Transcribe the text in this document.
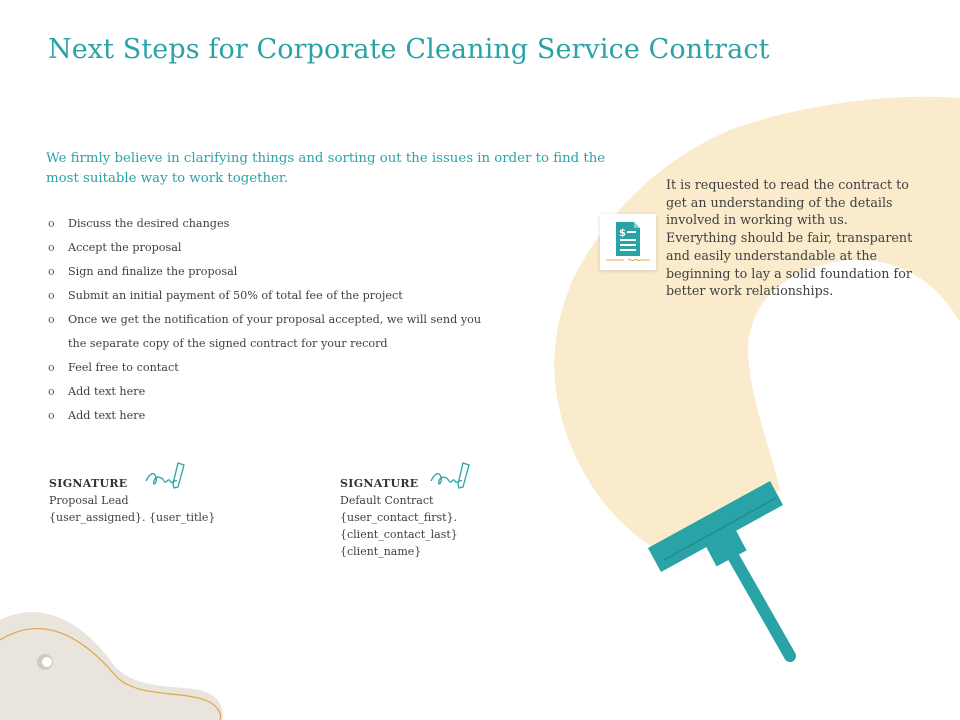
Next Steps for Corporate Cleaning Service Contract

We firmly believe in clarifying things and sorting out the issues in order to find the most suitable way to work together.

o Discuss the desired changes
o Accept the proposal
o Sign and finalize the proposal
o Submit an initial payment of 50% of total fee of the project
o Once we get the notification of your proposal accepted, we will send you
the separate copy of the signed contract for your record
o Feel free to contact
o Add text here
o Add text here
SIGNATURE
Proposal Lead
{user_assigned}. {user_title}
SIGNATURE
Default Contract
{user_contact_first}.
{client_contact_last}
{client_name}
$

It is requested to read the contract to get an understanding of the details involved in working with us. Everything should be fair, transparent and easily understandable at the beginning to lay a solid foundation for better work relationships.
